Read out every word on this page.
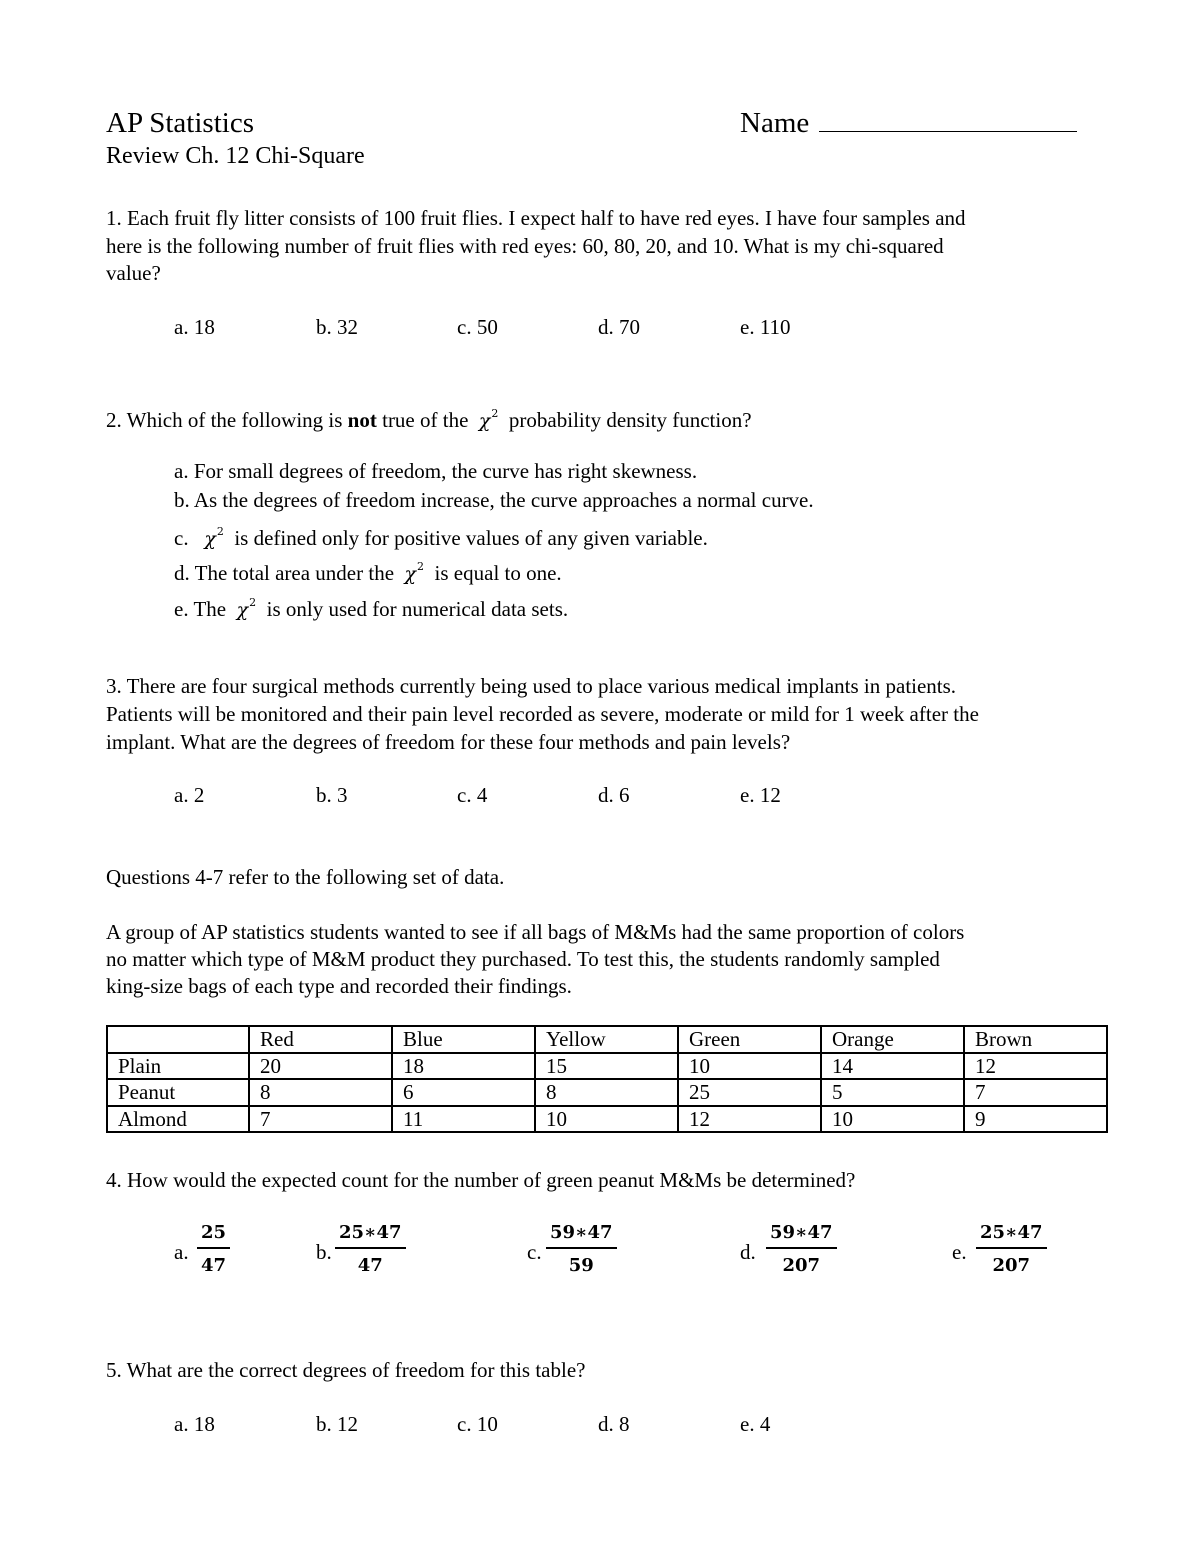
AP Statistics	Name
Review Ch. 12 Chi-Square
1. Each fruit fly litter consists of 100 fruit flies. I expect half to have red eyes. I have four samples and
here is the following number of fruit flies with red eyes: 60, 80, 20, and 10. What is my chi-squared
value?
a. 18	b. 32	c. 50	d. 70	e. 110
2. Which of the following is not true of the $\chi^2$ probability density function?
a. For small degrees of freedom, the curve has right skewness.
b. As the degrees of freedom increase, the curve approaches a normal curve.
c. $\chi^2$ is defined only for positive values of any given variable.
d. The total area under the $\chi^2$ is equal to one.
e. The $\chi^2$ is only used for numerical data sets.
3. There are four surgical methods currently being used to place various medical implants in patients.
Patients will be monitored and their pain level recorded as severe, moderate or mild for 1 week after the
implant. What are the degrees of freedom for these four methods and pain levels?
a. 2	b. 3	c. 4	d. 6	e. 12
Questions 4-7 refer to the following set of data.
A group of AP statistics students wanted to see if all bags of M&Ms had the same proportion of colors
no matter which type of M&M product they purchased. To test this, the students randomly sampled
king-size bags of each type and recorded their findings.
	Red	Blue	Yellow	Green	Orange	Brown
Plain	20	18	15	10	14	12
Peanut	8	6	8	25	5	7
Almond	7	11	10	12	10	9
4. How would the expected count for the number of green peanut M&Ms be determined?
a. $\frac{25}{47}$	b. $\frac{25∗47}{47}$	c. $\frac{59∗47}{59}$	d. $\frac{59∗47}{207}$	e. $\frac{25∗47}{207}$
5. What are the correct degrees of freedom for this table?
a. 18	b. 12	c. 10	d. 8	e. 4
